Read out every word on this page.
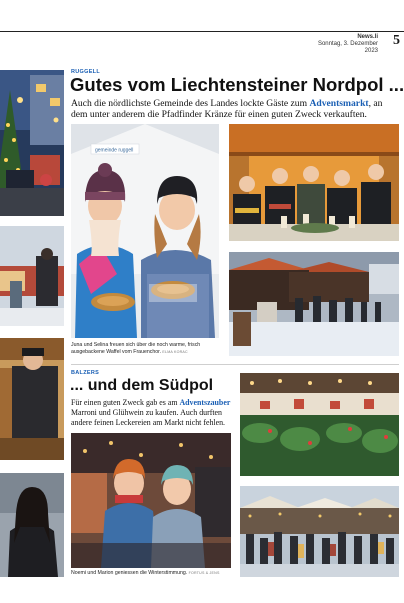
News.li
Sonntag, 3. Dezember 2023
5
RUGGELL
Gutes vom Liechtensteiner Nordpol ...
Auch die nördlichste Gemeinde des Landes lockte Gäste zum Adventsmarkt, an dem unter anderem die Pfadfinder Kränze für einen guten Zweck verkauften.
gemeinde ruggell
Juna und Selina freuen sich über die noch warme, frisch ausgebackene Waffel vom Frauenchor. ELMA KORAC
BALZERS
... und dem Südpol
Für einen guten Zweck gab es am Adventszauber Marroni und Glühwein zu kaufen. Auch durften andere feinen Leckereien am Markt nicht fehlen.
Noemi und Marion geniessen die Winterstimmung. FORTUS & JENS
